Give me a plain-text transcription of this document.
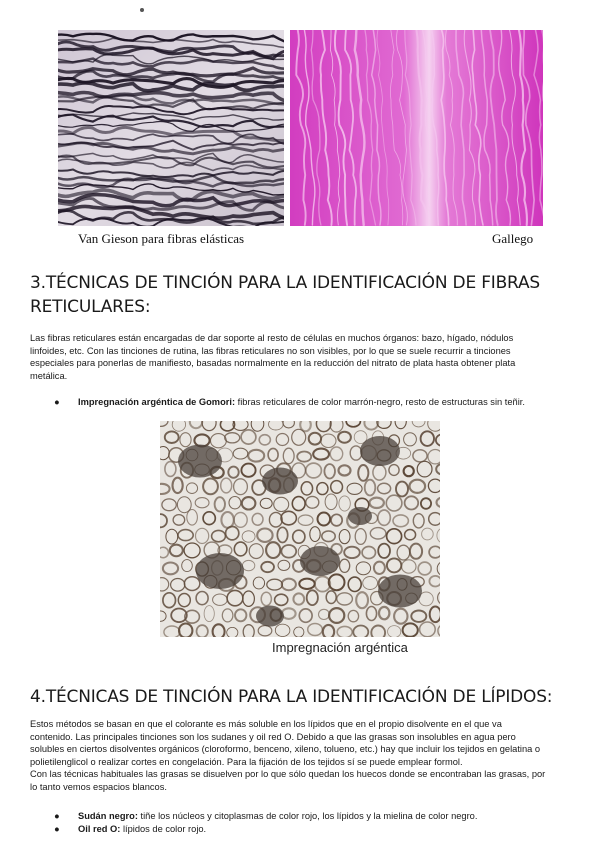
Van Gieson para fibras elásticas	Gallego
3.TÉCNICAS DE TINCIÓN PARA LA IDENTIFICACIÓN DE FIBRAS
RETICULARES:
Las fibras reticulares están encargadas de dar soporte al resto de células en muchos órganos: bazo, hígado, nódulos
linfoides, etc. Con las tinciones de rutina, las fibras reticulares no son visibles, por lo que se suele recurrir a tinciones
especiales para ponerlas de manifiesto, basadas normalmente en la reducción del nitrato de plata hasta obtener plata
metálica.
● Impregnación argéntica de Gomori: fibras reticulares de color marrón-negro, resto de estructuras sin teñir.
Impregnación argéntica
4.TÉCNICAS DE TINCIÓN PARA LA IDENTIFICACIÓN DE LÍPIDOS:
Estos métodos se basan en que el colorante es más soluble en los lípidos que en el propio disolvente en el que va
contenido. Las principales tinciones son los sudanes y oil red O. Debido a que las grasas son insolubles en agua pero
solubles en ciertos disolventes orgánicos (cloroformo, benceno, xileno, tolueno, etc.) hay que incluir los tejidos en gelatina o
polietilenglicol o realizar cortes en congelación. Para la fijación de los tejidos sí se puede emplear formol.
Con las técnicas habituales las grasas se disuelven por lo que sólo quedan los huecos donde se encontraban las grasas, por
lo tanto vemos espacios blancos.
● Sudán negro: tiñe los núcleos y citoplasmas de color rojo, los lípidos y la mielina de color negro.
● Oil red O: lípidos de color rojo.
